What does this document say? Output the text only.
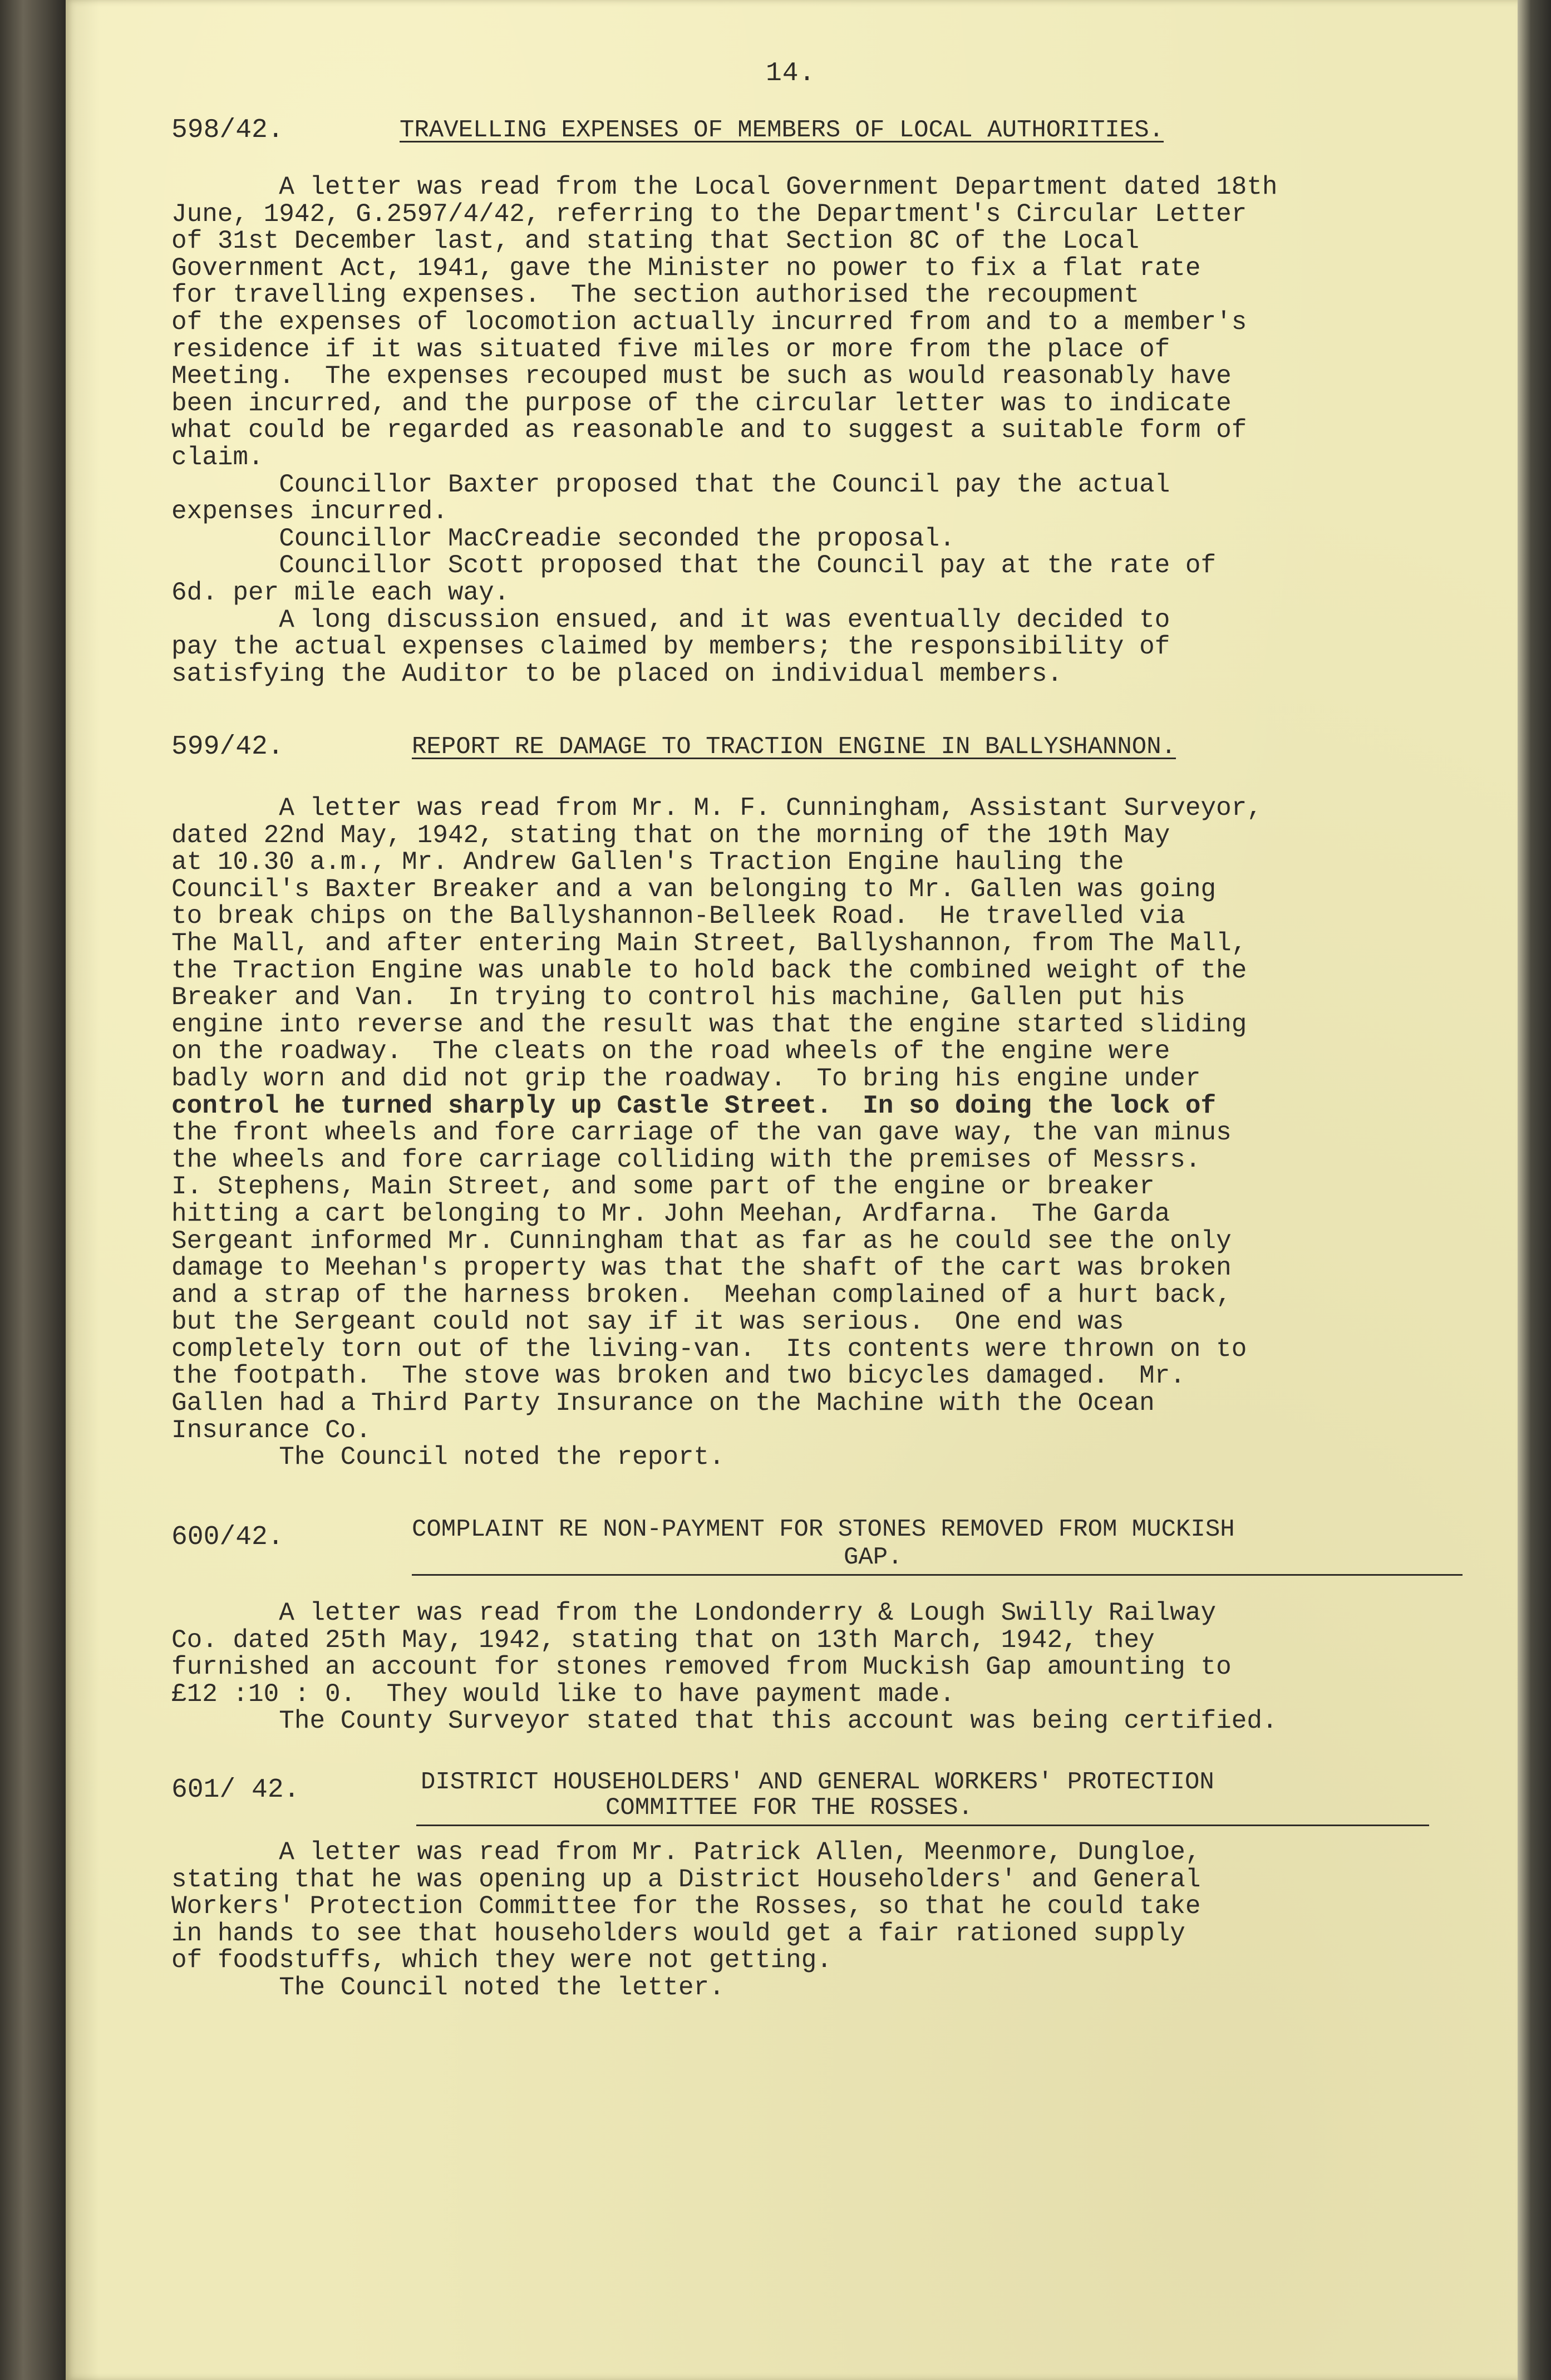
14.
598/42.	TRAVELLING EXPENSES OF MEMBERS OF LOCAL AUTHORITIES.
A letter was read from the Local Government Department dated 18th
June, 1942, G.2597/4/42, referring to the Department's Circular Letter
of 31st December last, and stating that Section 8C of the Local
Government Act, 1941, gave the Minister no power to fix a flat rate
for travelling expenses.  The section authorised the recoupment
of the expenses of locomotion actually incurred from and to a member's
residence if it was situated five miles or more from the place of
Meeting.  The expenses recouped must be such as would reasonably have
been incurred, and the purpose of the circular letter was to indicate
what could be regarded as reasonable and to suggest a suitable form of
claim.
Councillor Baxter proposed that the Council pay the actual
expenses incurred.
Councillor MacCreadie seconded the proposal.
Councillor Scott proposed that the Council pay at the rate of
6d. per mile each way.
A long discussion ensued, and it was eventually decided to
pay the actual expenses claimed by members; the responsibility of
satisfying the Auditor to be placed on individual members.
599/42.	REPORT RE DAMAGE TO TRACTION ENGINE IN BALLYSHANNON.
A letter was read from Mr. M. F. Cunningham, Assistant Surveyor,
dated 22nd May, 1942, stating that on the morning of the 19th May
at 10.30 a.m., Mr. Andrew Gallen's Traction Engine hauling the
Council's Baxter Breaker and a van belonging to Mr. Gallen was going
to break chips on the Ballyshannon-Belleek Road.  He travelled via
The Mall, and after entering Main Street, Ballyshannon, from The Mall,
the Traction Engine was unable to hold back the combined weight of the
Breaker and Van.  In trying to control his machine, Gallen put his
engine into reverse and the result was that the engine started sliding
on the roadway.  The cleats on the road wheels of the engine were
badly worn and did not grip the roadway.  To bring his engine under
control he turned sharply up Castle Street.  In so doing the lock of
the front wheels and fore carriage of the van gave way, the van minus
the wheels and fore carriage colliding with the premises of Messrs.
I. Stephens, Main Street, and some part of the engine or breaker
hitting a cart belonging to Mr. John Meehan, Ardfarna.  The Garda
Sergeant informed Mr. Cunningham that as far as he could see the only
damage to Meehan's property was that the shaft of the cart was broken
and a strap of the harness broken.  Meehan complained of a hurt back,
but the Sergeant could not say if it was serious.  One end was
completely torn out of the living-van.  Its contents were thrown on to
the footpath.  The stove was broken and two bicycles damaged.  Mr.
Gallen had a Third Party Insurance on the Machine with the Ocean
Insurance Co.
The Council noted the report.
600/42.	COMPLAINT RE NON-PAYMENT FOR STONES REMOVED FROM MUCKISH
GAP.
A letter was read from the Londonderry & Lough Swilly Railway
Co. dated 25th May, 1942, stating that on 13th March, 1942, they
furnished an account for stones removed from Muckish Gap amounting to
£12 :10 : 0.  They would like to have payment made.
The County Surveyor stated that this account was being certified.
601/ 42.	DISTRICT HOUSEHOLDERS' AND GENERAL WORKERS' PROTECTION
COMMITTEE FOR THE ROSSES.
A letter was read from Mr. Patrick Allen, Meenmore, Dungloe,
stating that he was opening up a District Householders' and General
Workers' Protection Committee for the Rosses, so that he could take
in hands to see that householders would get a fair rationed supply
of foodstuffs, which they were not getting.
The Council noted the letter.
